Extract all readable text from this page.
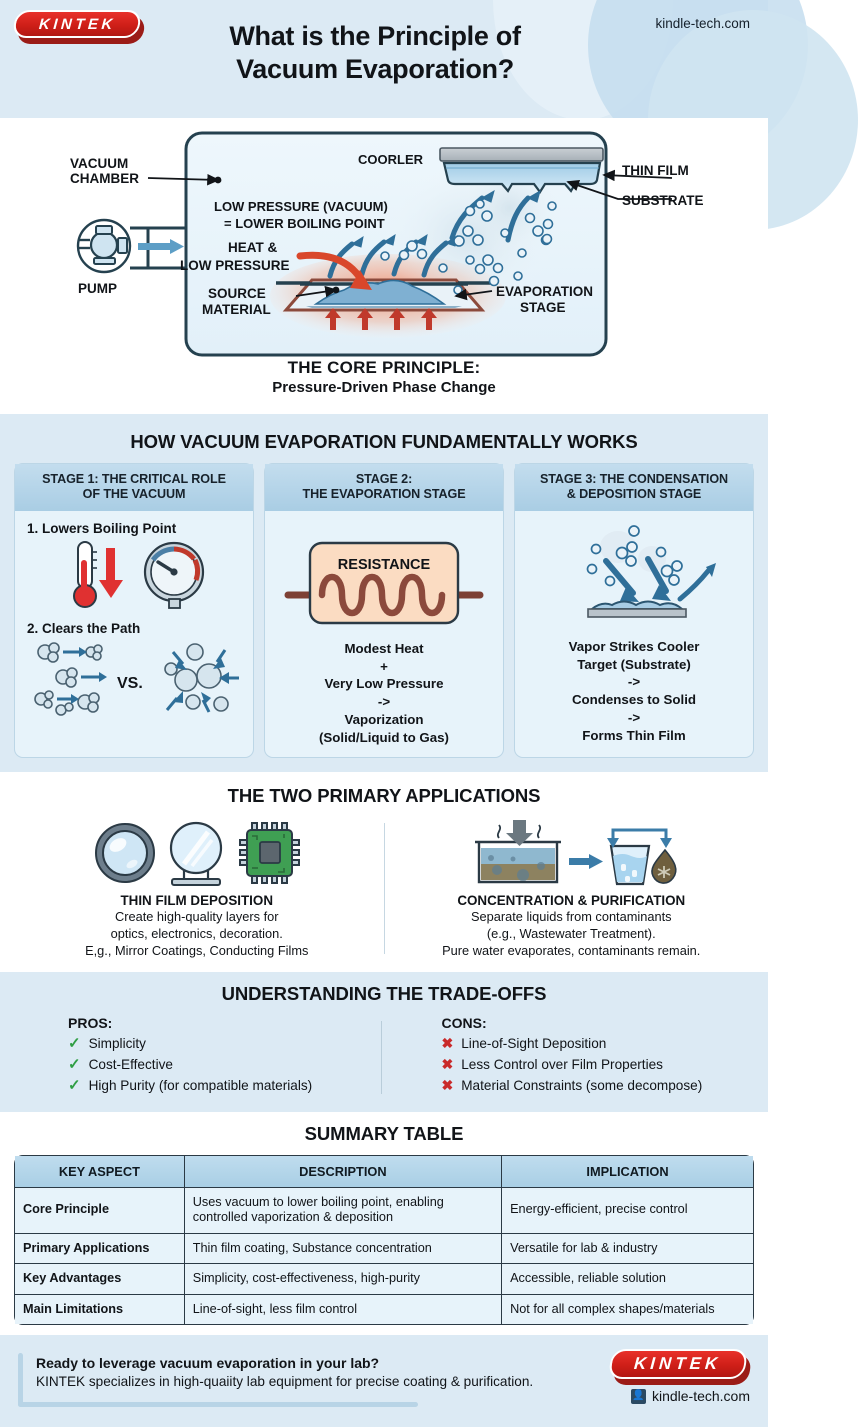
KINTEK	What is the Principle of
Vacuum Evaporation?
kindle-tech.com
VACUUM
CHAMBER
PUMP
COORLER
THIN FILM
SUBSTRATE
LOW PRESSURE (VACUUM)
= LOWER BOILING POINT
HEAT &
LOW PRESSURE
SOURCE
MATERIAL
EVAPORATION
STAGE
THE CORE PRINCIPLE:
Pressure-Driven Phase Change
HOW VACUUM EVAPORATION FUNDAMENTALLY WORKS
STAGE 1: THE CRITICAL ROLE
OF THE VACUUM
1. Lowers Boiling Point
2. Clears the Path
VS.
STAGE 2:
THE EVAPORATION STAGE
RESISTANCE
Modest Heat
+
Very Low Pressure
->
Vaporization
(Solid/Liquid to Gas)
STAGE 3: THE CONDENSATION
& DEPOSITION STAGE
Vapor Strikes Cooler
Target (Substrate)
->
Condenses to Solid
->
Forms Thin Film
THE TWO PRIMARY APPLICATIONS
THIN FILM DEPOSITION
Create high-quality layers for
optics, electronics, decoration.
E,g., Mirror Coatings, Conducting Films
CONCENTRATION & PURIFICATION
Separate liquids from contaminants
(e.g., Wastewater Treatment).
Pure water evaporates, contaminants remain.
UNDERSTANDING THE TRADE-OFFS
PROS:
✓ Simplicity
✓ Cost-Effective
✓ High Purity (for compatible materials)
CONS:
✖ Line-of-Sight Deposition
✖ Less Control over Film Properties
✖ Material Constraints (some decompose)
SUMMARY TABLE
KEY ASPECT	DESCRIPTION	IMPLICATION
Core Principle	Uses vacuum to lower boiling point, enabling controlled vaporization & deposition	Energy-efficient, precise control
Primary Applications	Thin film coating, Substance concentration	Versatile for lab & industry
Key Advantages	Simplicity, cost-effectiveness, high-purity	Accessible, reliable solution
Main Limitations	Line-of-sight, less film control	Not for all complex shapes/materials
Ready to leverage vacuum evaporation in your lab?
KINTEK specializes in high-quaiity lab equipment for precise coating & purification.
KINTEK
👤 kindle-tech.com
